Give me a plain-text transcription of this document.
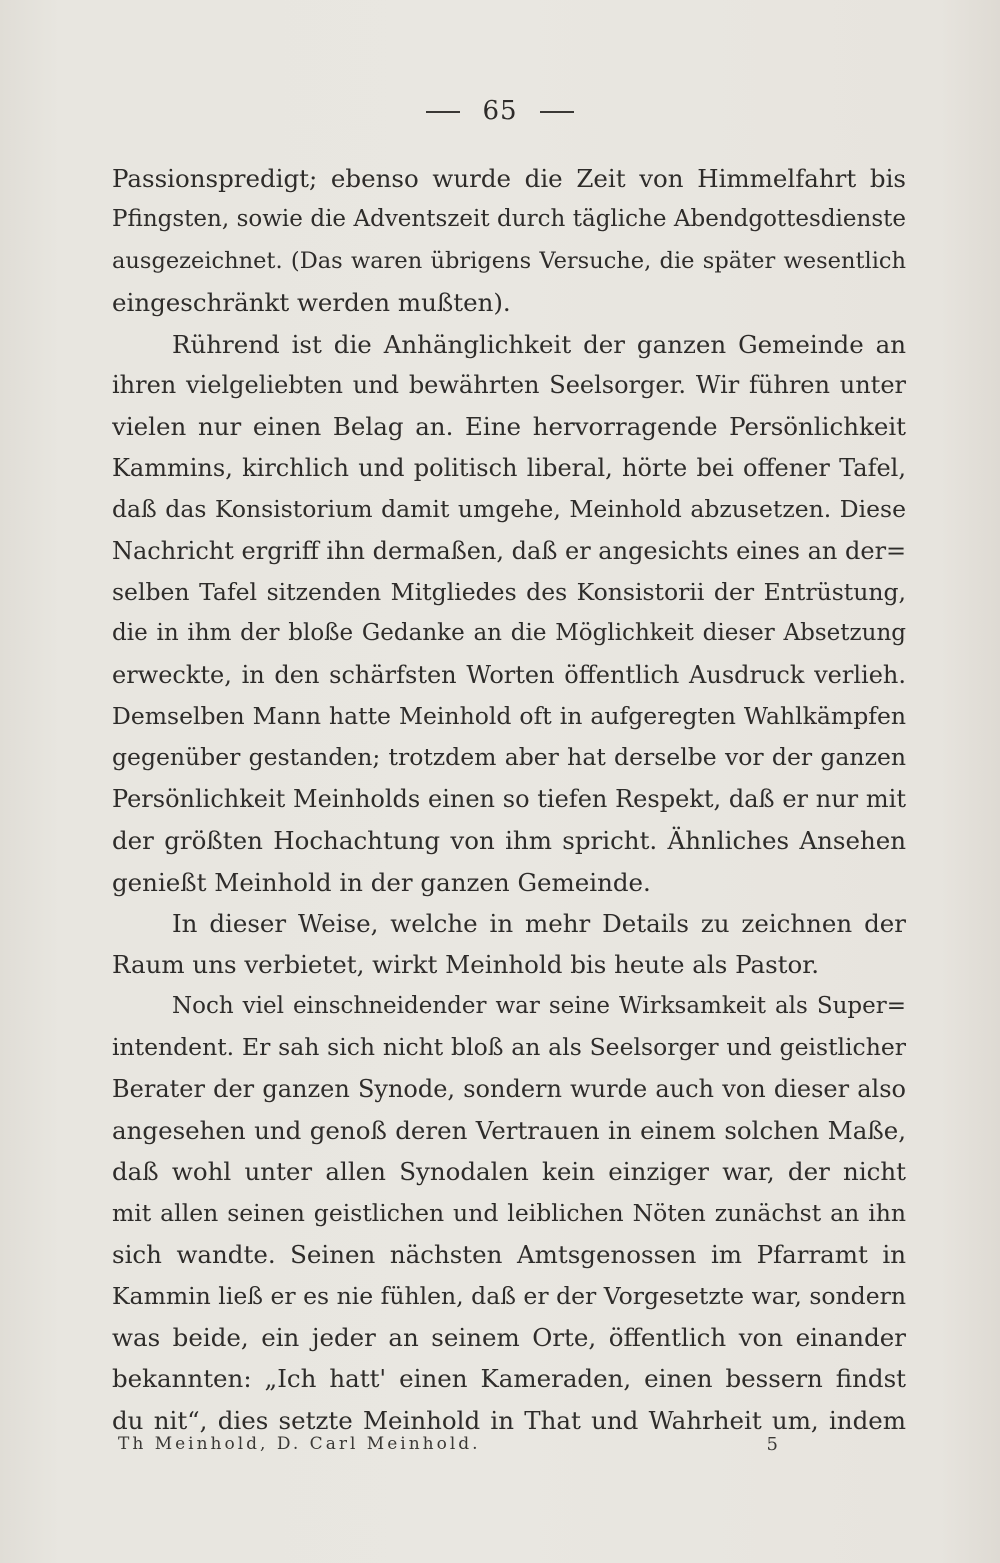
65
Passionspredigt; ebenso wurde die Zeit von Himmelfahrt bis
Pfingsten, sowie die Adventszeit durch tägliche Abendgottesdienste
ausgezeichnet. (Das waren übrigens Versuche, die später wesentlich
eingeschränkt werden mußten).
Rührend ist die Anhänglichkeit der ganzen Gemeinde an
ihren vielgeliebten und bewährten Seelsorger. Wir führen unter
vielen nur einen Belag an. Eine hervorragende Persönlichkeit
Kammins, kirchlich und politisch liberal, hörte bei offener Tafel,
daß das Konsistorium damit umgehe, Meinhold abzusetzen. Diese
Nachricht ergriff ihn dermaßen, daß er angesichts eines an der=
selben Tafel sitzenden Mitgliedes des Konsistorii der Entrüstung,
die in ihm der bloße Gedanke an die Möglichkeit dieser Absetzung
erweckte, in den schärfsten Worten öffentlich Ausdruck verlieh.
Demselben Mann hatte Meinhold oft in aufgeregten Wahlkämpfen
gegenüber gestanden; trotzdem aber hat derselbe vor der ganzen
Persönlichkeit Meinholds einen so tiefen Respekt, daß er nur mit
der größten Hochachtung von ihm spricht. Ähnliches Ansehen
genießt Meinhold in der ganzen Gemeinde.
In dieser Weise, welche in mehr Details zu zeichnen der
Raum uns verbietet, wirkt Meinhold bis heute als Pastor.
Noch viel einschneidender war seine Wirksamkeit als Super=
intendent. Er sah sich nicht bloß an als Seelsorger und geistlicher
Berater der ganzen Synode, sondern wurde auch von dieser also
angesehen und genoß deren Vertrauen in einem solchen Maße,
daß wohl unter allen Synodalen kein einziger war, der nicht
mit allen seinen geistlichen und leiblichen Nöten zunächst an ihn
sich wandte. Seinen nächsten Amtsgenossen im Pfarramt in
Kammin ließ er es nie fühlen, daß er der Vorgesetzte war, sondern
was beide, ein jeder an seinem Orte, öffentlich von einander
bekannten: „Ich hatt' einen Kameraden, einen bessern findst
du nit“, dies setzte Meinhold in That und Wahrheit um, indem
Th Meinhold, D. Carl Meinhold.	5
